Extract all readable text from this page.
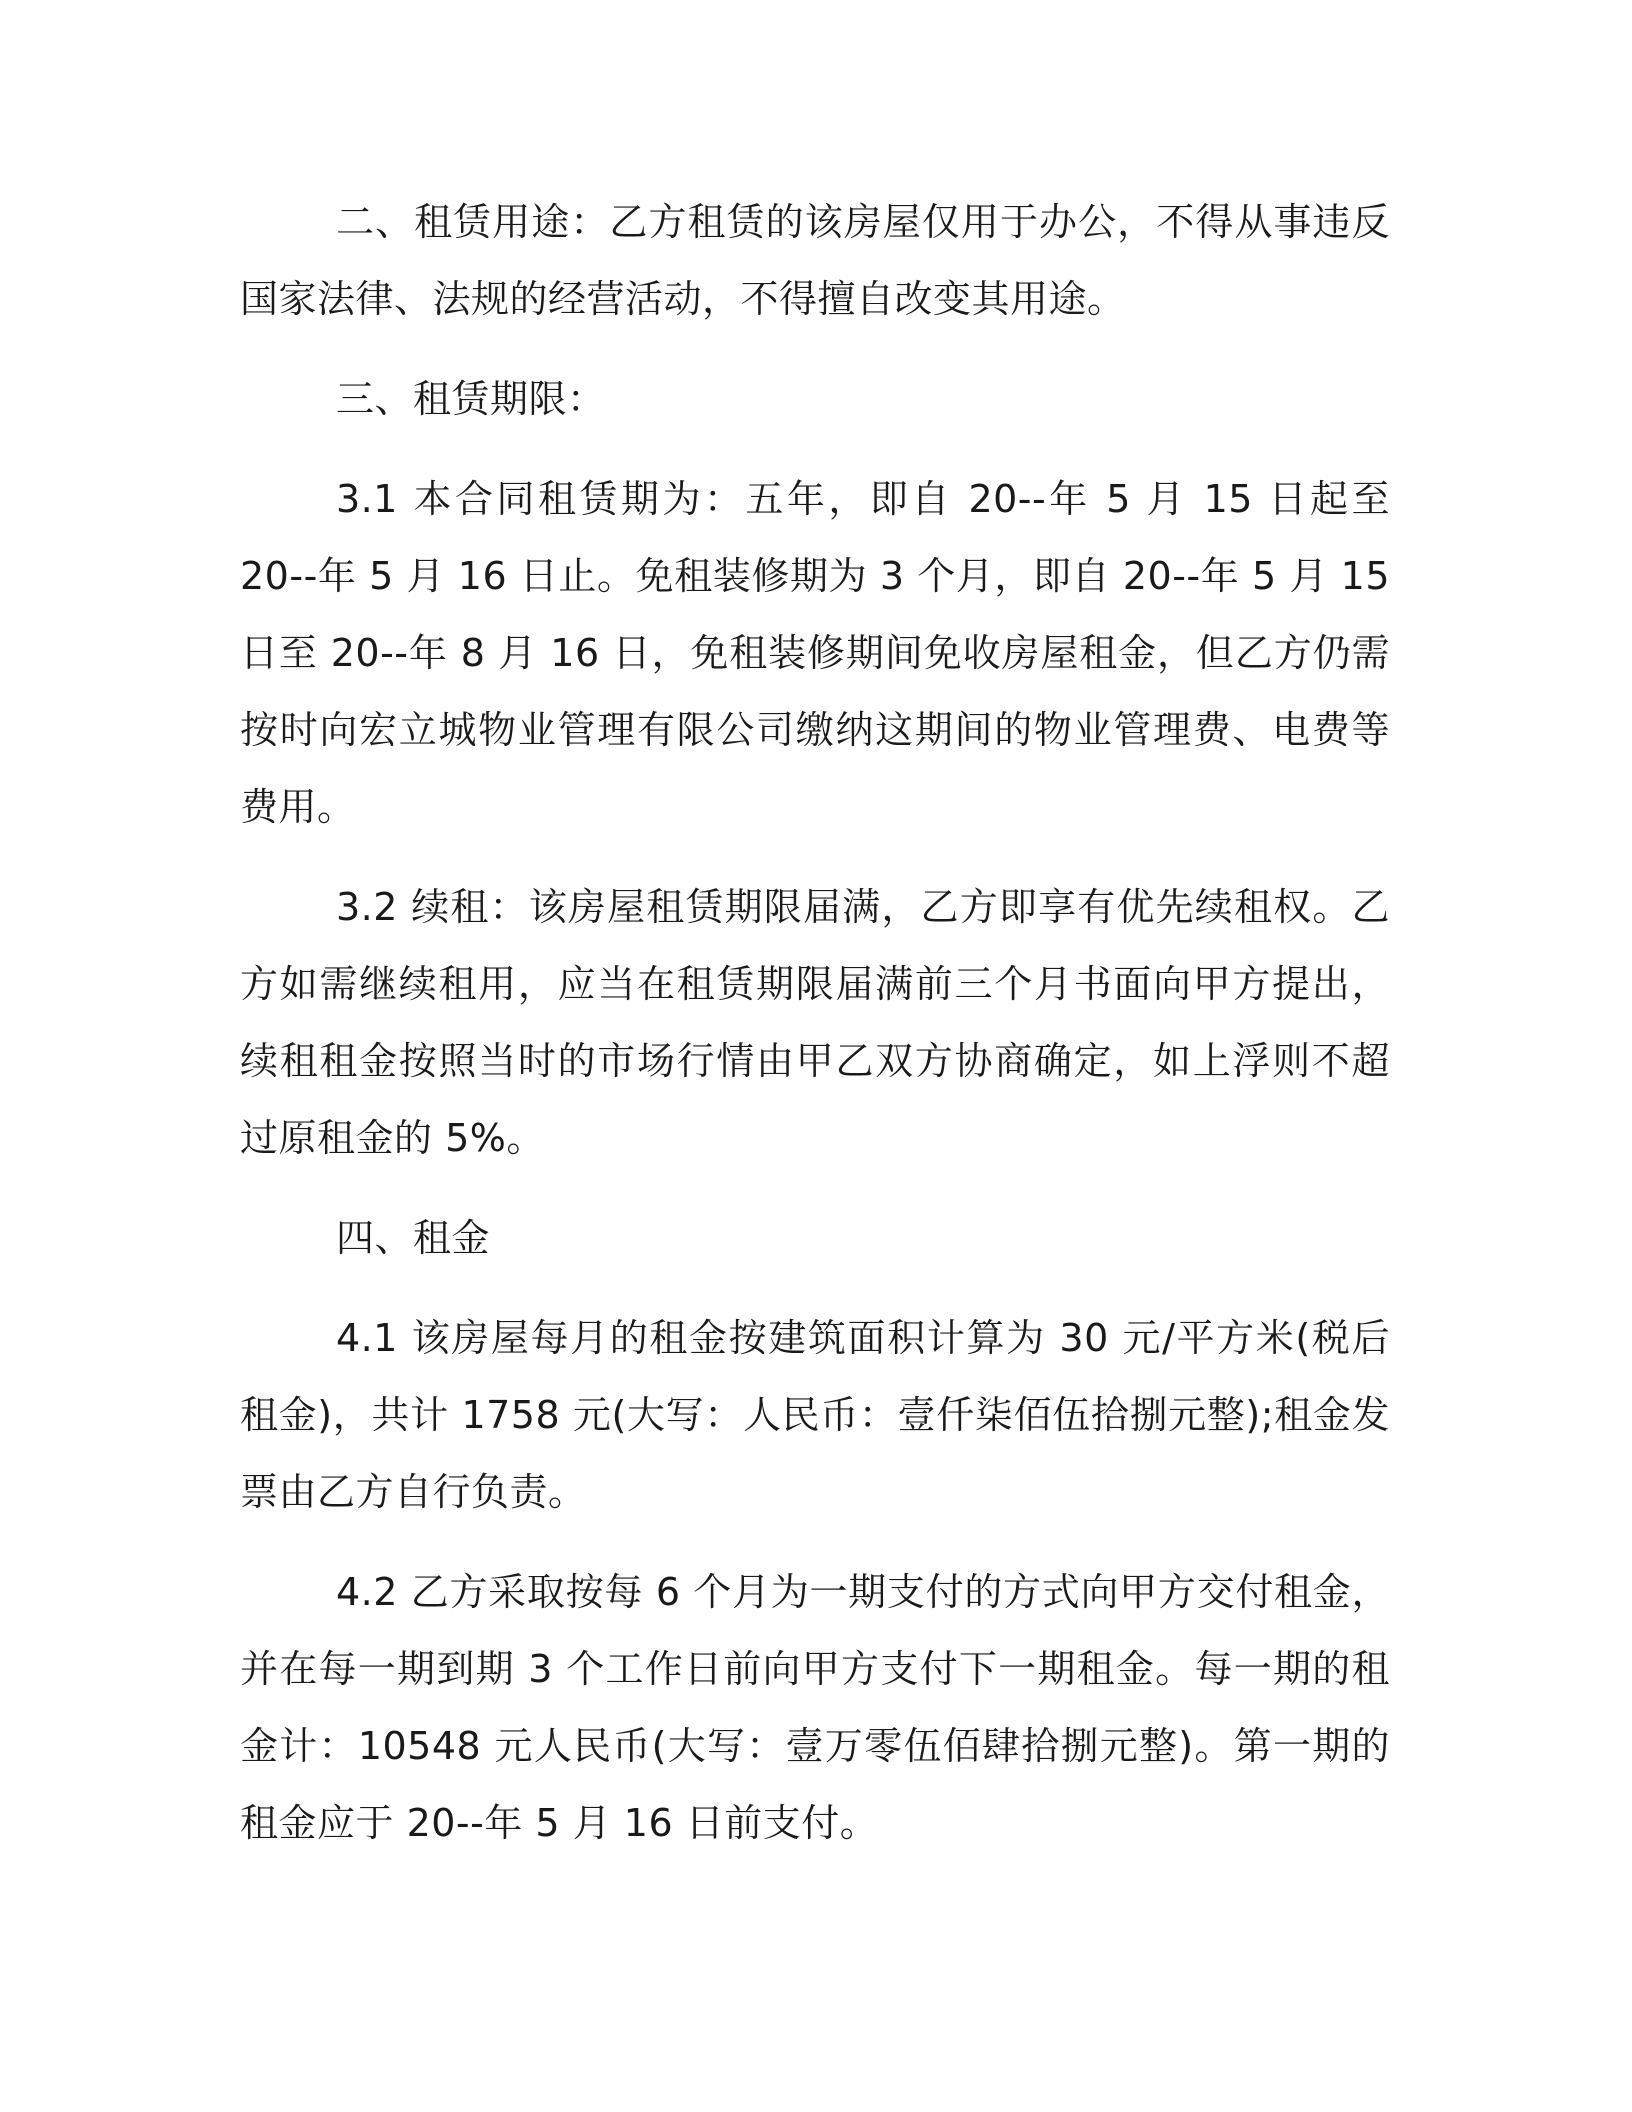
二、租赁用途：乙方租赁的该房屋仅用于办公，不得从事违反国家法律、法规的经营活动，不得擅自改变其用途。

三、租赁期限：

3.1 本合同租赁期为：五年，即自 20--年 5 月 15 日起至 20--年 5 月 16 日止。免租装修期为 3 个月，即自 20--年 5 月 15 日至 20--年 8 月 16 日，免租装修期间免收房屋租金，但乙方仍需按时向宏立城物业管理有限公司缴纳这期间的物业管理费、电费等费用。

3.2 续租：该房屋租赁期限届满，乙方即享有优先续租权。乙方如需继续租用，应当在租赁期限届满前三个月书面向甲方提出，续租租金按照当时的市场行情由甲乙双方协商确定，如上浮则不超过原租金的 5%。

四、租金

4.1 该房屋每月的租金按建筑面积计算为 30 元/平方米(税后租金)，共计 1758 元(大写：人民币：壹仟柒佰伍拾捌元整);租金发票由乙方自行负责。

4.2 乙方采取按每 6 个月为一期支付的方式向甲方交付租金，并在每一期到期 3 个工作日前向甲方支付下一期租金。每一期的租金计：10548 元人民币(大写：壹万零伍佰肆拾捌元整)。第一期的租金应于 20--年 5 月 16 日前支付。
